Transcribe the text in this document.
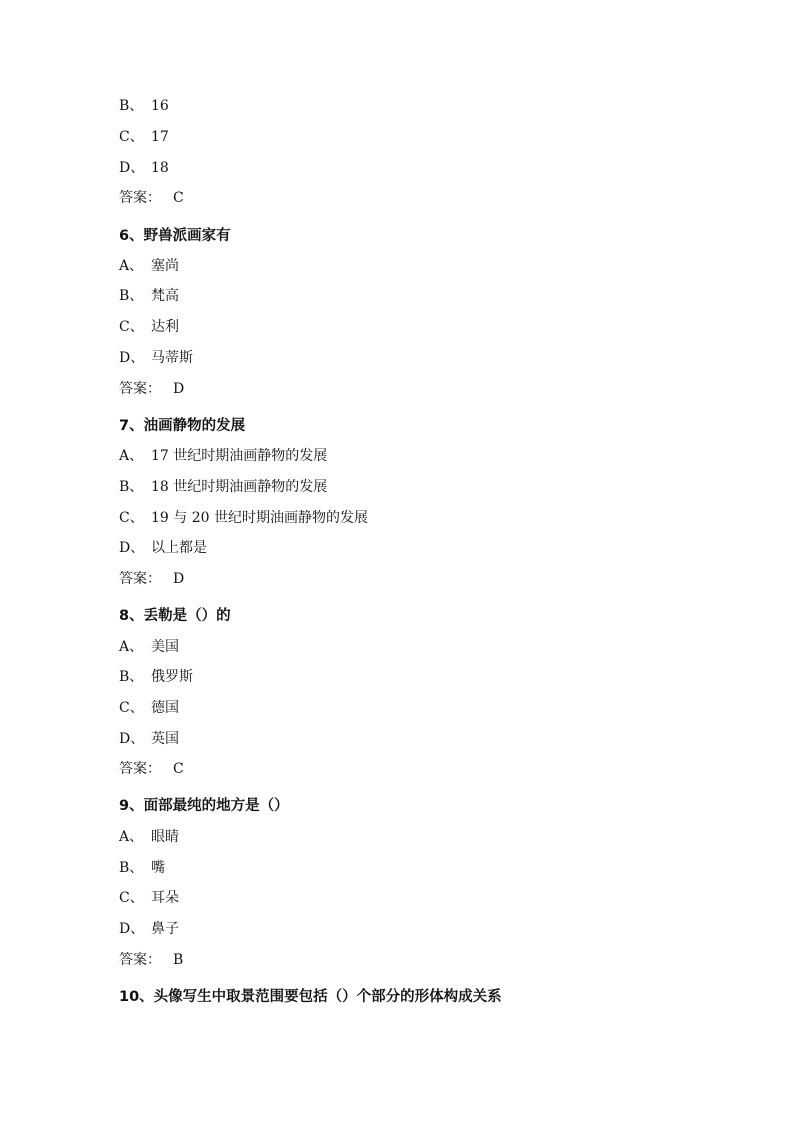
B、 16
C、 17
D、 18
答案： C
6、野兽派画家有
A、 塞尚
B、 梵高
C、 达利
D、 马蒂斯
答案： D
7、油画静物的发展
A、 17 世纪时期油画静物的发展
B、 18 世纪时期油画静物的发展
C、 19 与 20 世纪时期油画静物的发展
D、 以上都是
答案： D
8、丢勒是（）的
A、 美国
B、 俄罗斯
C、 德国
D、 英国
答案： C
9、面部最纯的地方是（）
A、 眼睛
B、 嘴
C、 耳朵
D、 鼻子
答案： B
10、头像写生中取景范围要包括（）个部分的形体构成关系
